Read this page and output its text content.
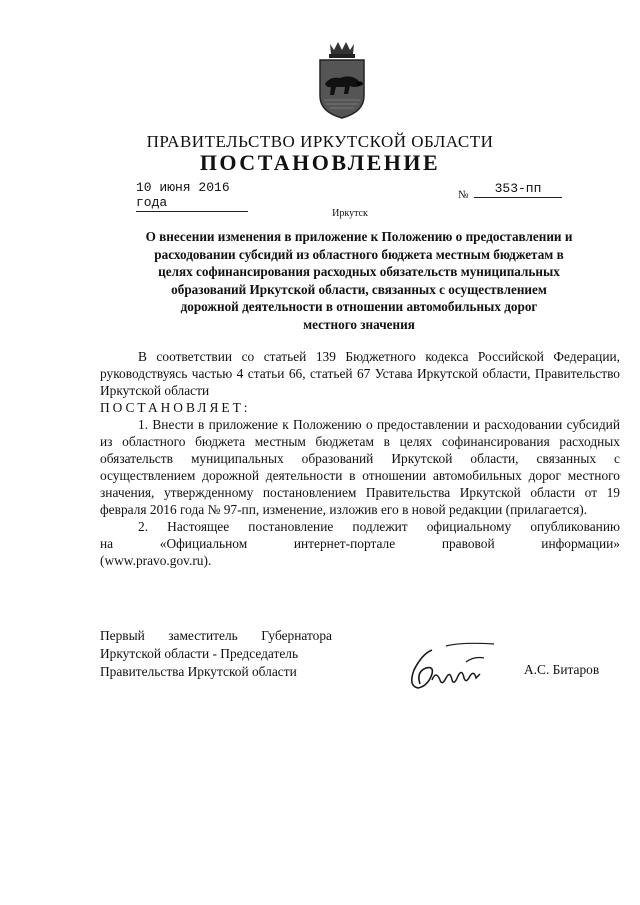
ПРАВИТЕЛЬСТВО ИРКУТСКОЙ ОБЛАСТИ
ПОСТАНОВЛЕНИЕ
10 июня 2016 года	№	353-пп
Иркутск
О внесении изменения в приложение к Положению о предоставлении и
расходовании субсидий из областного бюджета местным бюджетам в
целях софинансирования расходных обязательств муниципальных
образований Иркутской области, связанных с осуществлением
дорожной деятельности в отношении автомобильных дорог
местного значения

В соответствии со статьей 139 Бюджетного кодекса Российской Федерации, руководствуясь частью 4 статьи 66, статьей 67 Устава Иркутской области, Правительство Иркутской области

ПОСТАНОВЛЯЕТ:

1. Внести в приложение к Положению о предоставлении и расходовании субсидий из областного бюджета местным бюджетам в целях софинансирования расходных обязательств муниципальных образований Иркутской области, связанных с осуществлением дорожной деятельности в отношении автомобильных дорог местного значения, утвержденному постановлением Правительства Иркутской области от 19 февраля 2016 года № 97-пп, изменение, изложив его в новой редакции (прилагается).

2. Настоящее постановление подлежит официальному опубликованию

на «Официальном интернет-портале правовой информации»

(www.pravo.gov.ru).

Первый заместитель Губернатора
Иркутской области - Председатель
Правительства Иркутской области	А.С. Битаров
